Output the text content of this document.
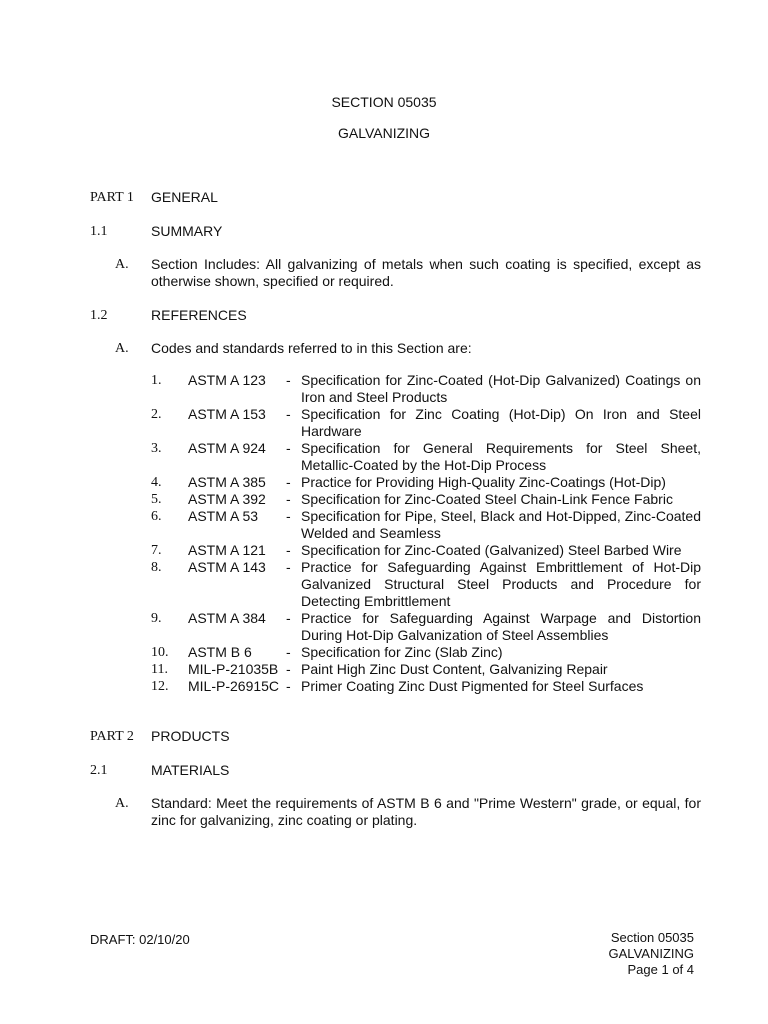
SECTION 05035
GALVANIZING
PART 1 GENERAL
1.1	SUMMARY
A. Section Includes: All galvanizing of metals when such coating is specified, except as otherwise shown, specified or required.
1.2	REFERENCES
A. Codes and standards referred to in this Section are:
1. ASTM A 123 - Specification for Zinc-Coated (Hot-Dip Galvanized) Coatings on Iron and Steel Products
2. ASTM A 153 - Specification for Zinc Coating (Hot-Dip) On Iron and Steel Hardware
3. ASTM A 924 - Specification for General Requirements for Steel Sheet, Metallic-Coated by the Hot-Dip Process
4. ASTM A 385 - Practice for Providing High-Quality Zinc-Coatings (Hot-Dip)
5. ASTM A 392 - Specification for Zinc-Coated Steel Chain-Link Fence Fabric
6. ASTM A 53 - Specification for Pipe, Steel, Black and Hot-Dipped, Zinc-Coated Welded and Seamless
7. ASTM A 121 - Specification for Zinc-Coated (Galvanized) Steel Barbed Wire
8. ASTM A 143 - Practice for Safeguarding Against Embrittlement of Hot-Dip Galvanized Structural Steel Products and Procedure for Detecting Embrittlement
9. ASTM A 384 - Practice for Safeguarding Against Warpage and Distortion During Hot-Dip Galvanization of Steel Assemblies
10. ASTM B 6 - Specification for Zinc (Slab Zinc)
11. MIL-P-21035B - Paint High Zinc Dust Content, Galvanizing Repair
12. MIL-P-26915C - Primer Coating Zinc Dust Pigmented for Steel Surfaces
PART 2 PRODUCTS
2.1	MATERIALS
A. Standard: Meet the requirements of ASTM B 6 and "Prime Western" grade, or equal, for zinc for galvanizing, zinc coating or plating.
DRAFT: 02/10/20	Section 05035
GALVANIZING
Page 1 of 4
